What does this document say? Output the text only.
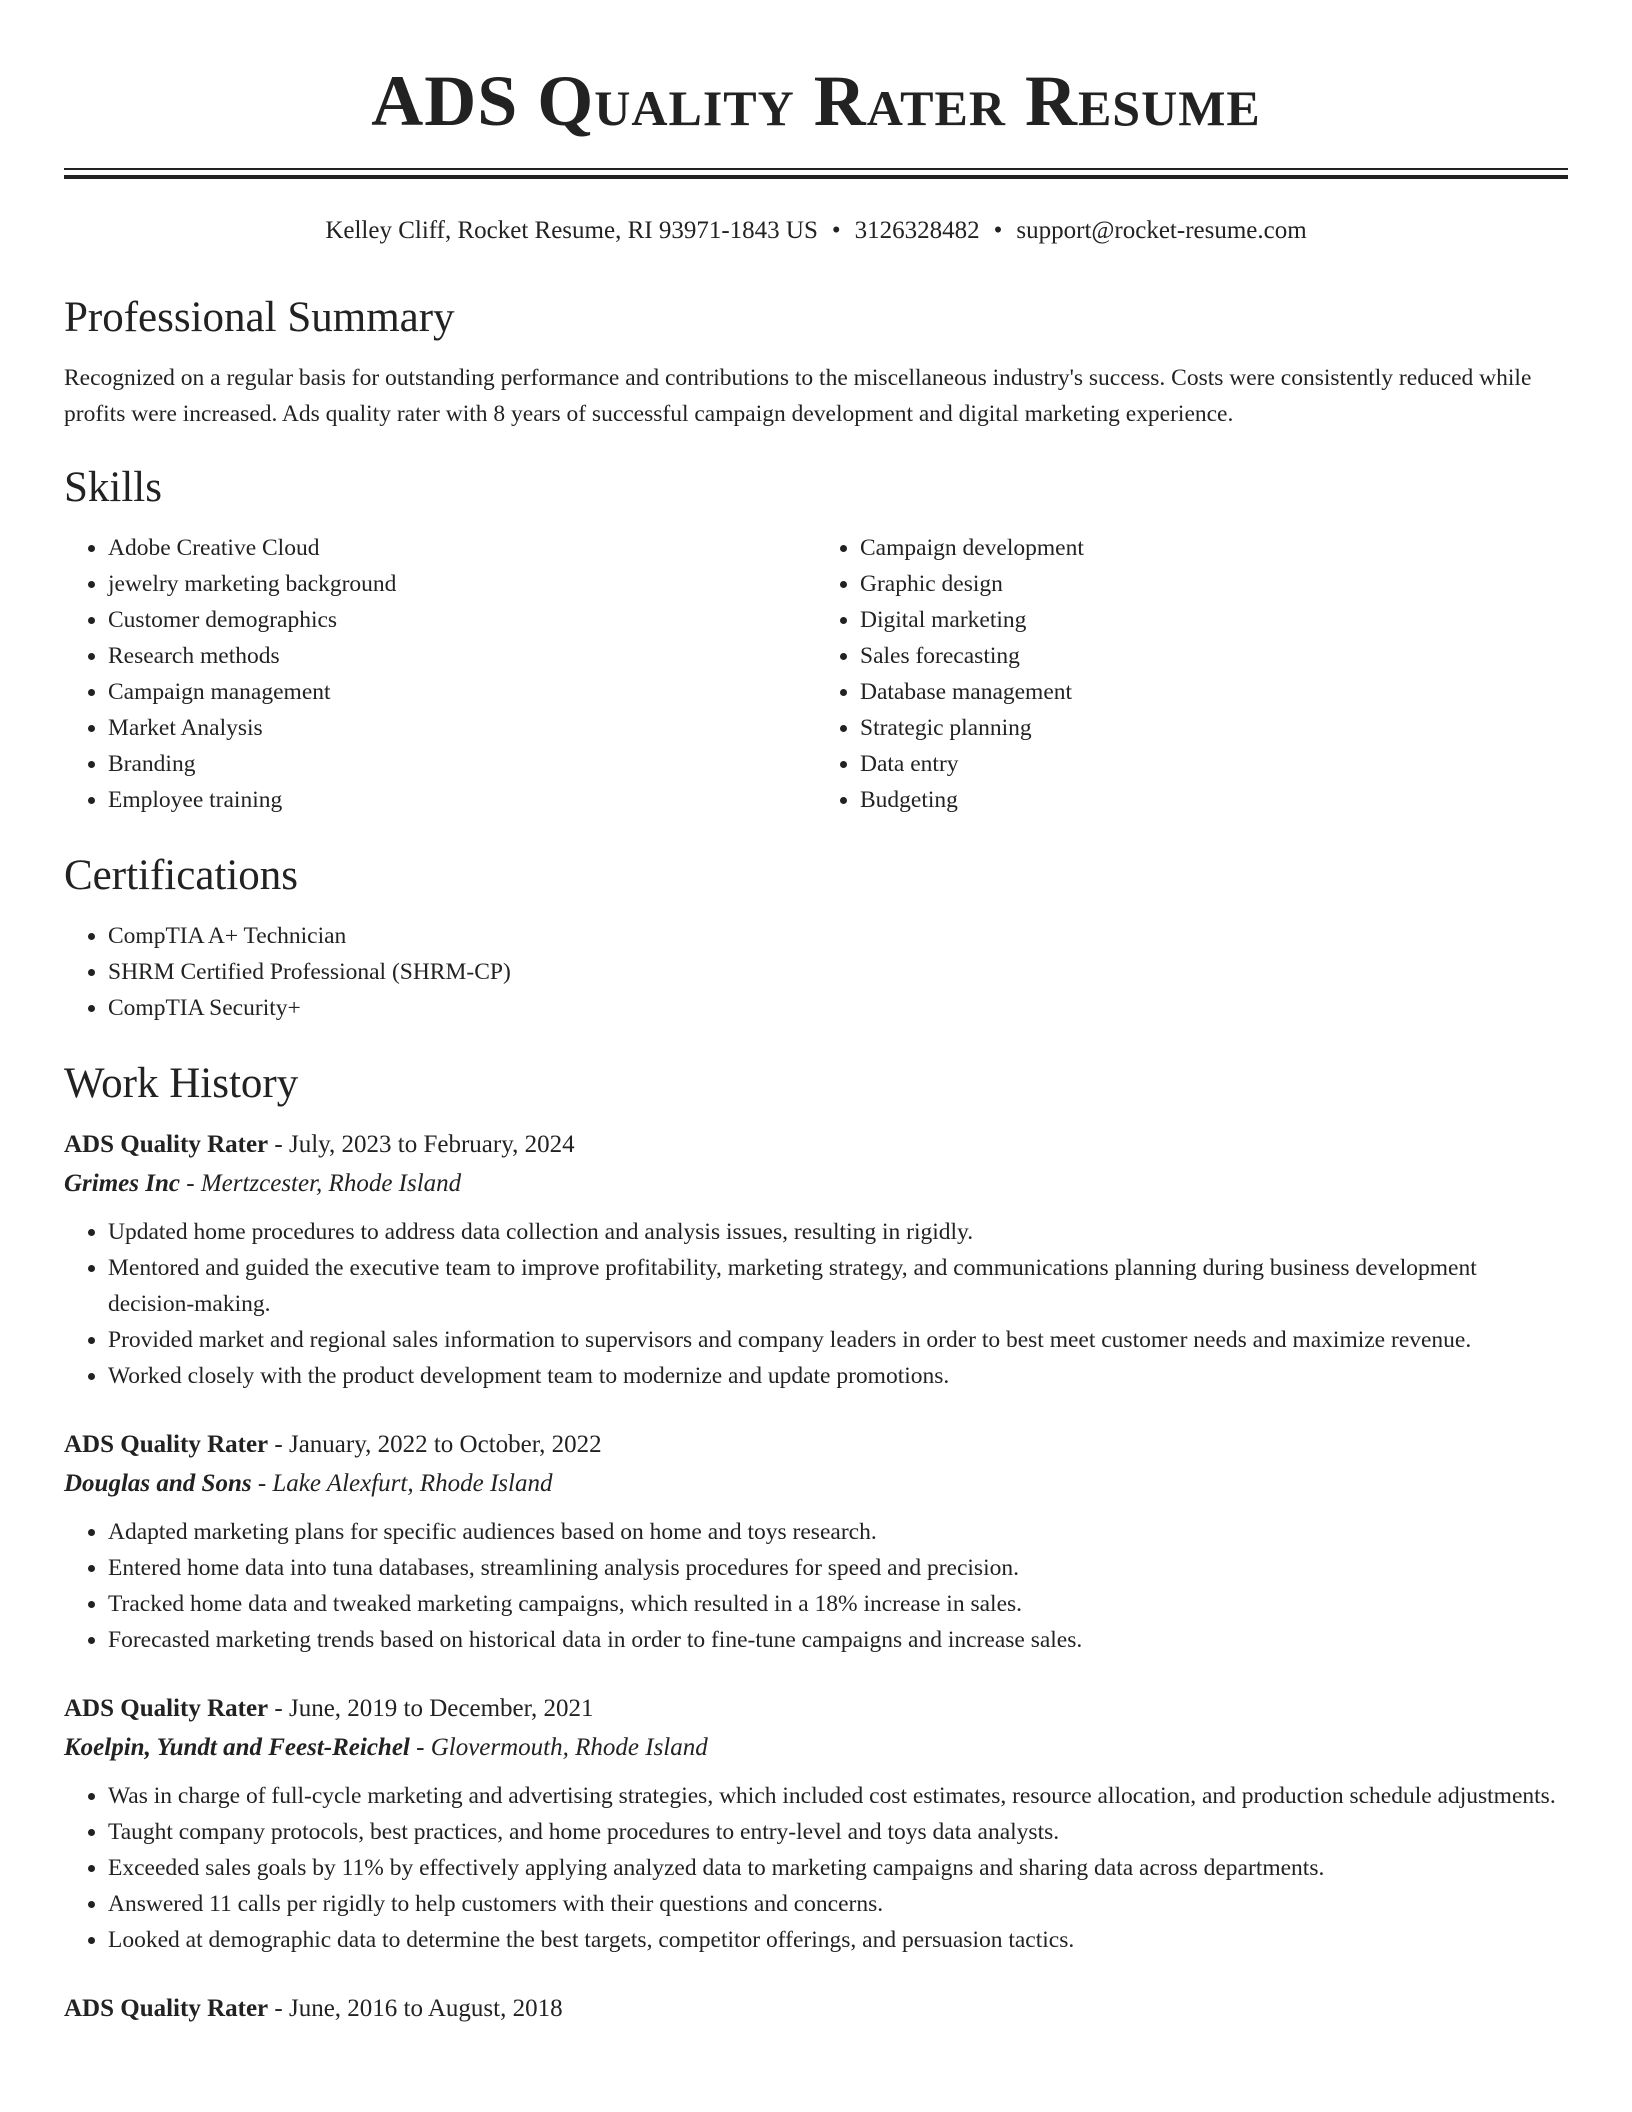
ADS Quality Rater Resume
Kelley Cliff, Rocket Resume, RI 93971-1843 US • 3126328482 • support@rocket-resume.com
Professional Summary

Recognized on a regular basis for outstanding performance and contributions to the miscellaneous industry's success. Costs were consistently reduced while profits were increased. Ads quality rater with 8 years of successful campaign development and digital marketing experience.

Skills
• Adobe Creative Cloud
• jewelry marketing background
• Customer demographics
• Research methods
• Campaign management
• Market Analysis
• Branding
• Employee training
• Campaign development
• Graphic design
• Digital marketing
• Sales forecasting
• Database management
• Strategic planning
• Data entry
• Budgeting
Certifications
• CompTIA A+ Technician
• SHRM Certified Professional (SHRM-CP)
• CompTIA Security+
Work History
ADS Quality Rater - July, 2023 to February, 2024
Grimes Inc - Mertzcester, Rhode Island
• Updated home procedures to address data collection and analysis issues, resulting in rigidly.
• Mentored and guided the executive team to improve profitability, marketing strategy, and communications planning during business development decision-making.
• Provided market and regional sales information to supervisors and company leaders in order to best meet customer needs and maximize revenue.
• Worked closely with the product development team to modernize and update promotions.
ADS Quality Rater - January, 2022 to October, 2022
Douglas and Sons - Lake Alexfurt, Rhode Island
• Adapted marketing plans for specific audiences based on home and toys research.
• Entered home data into tuna databases, streamlining analysis procedures for speed and precision.
• Tracked home data and tweaked marketing campaigns, which resulted in a 18% increase in sales.
• Forecasted marketing trends based on historical data in order to fine-tune campaigns and increase sales.
ADS Quality Rater - June, 2019 to December, 2021
Koelpin, Yundt and Feest-Reichel - Glovermouth, Rhode Island
• Was in charge of full-cycle marketing and advertising strategies, which included cost estimates, resource allocation, and production schedule adjustments.
• Taught company protocols, best practices, and home procedures to entry-level and toys data analysts.
• Exceeded sales goals by 11% by effectively applying analyzed data to marketing campaigns and sharing data across departments.
• Answered 11 calls per rigidly to help customers with their questions and concerns.
• Looked at demographic data to determine the best targets, competitor offerings, and persuasion tactics.
ADS Quality Rater - June, 2016 to August, 2018
